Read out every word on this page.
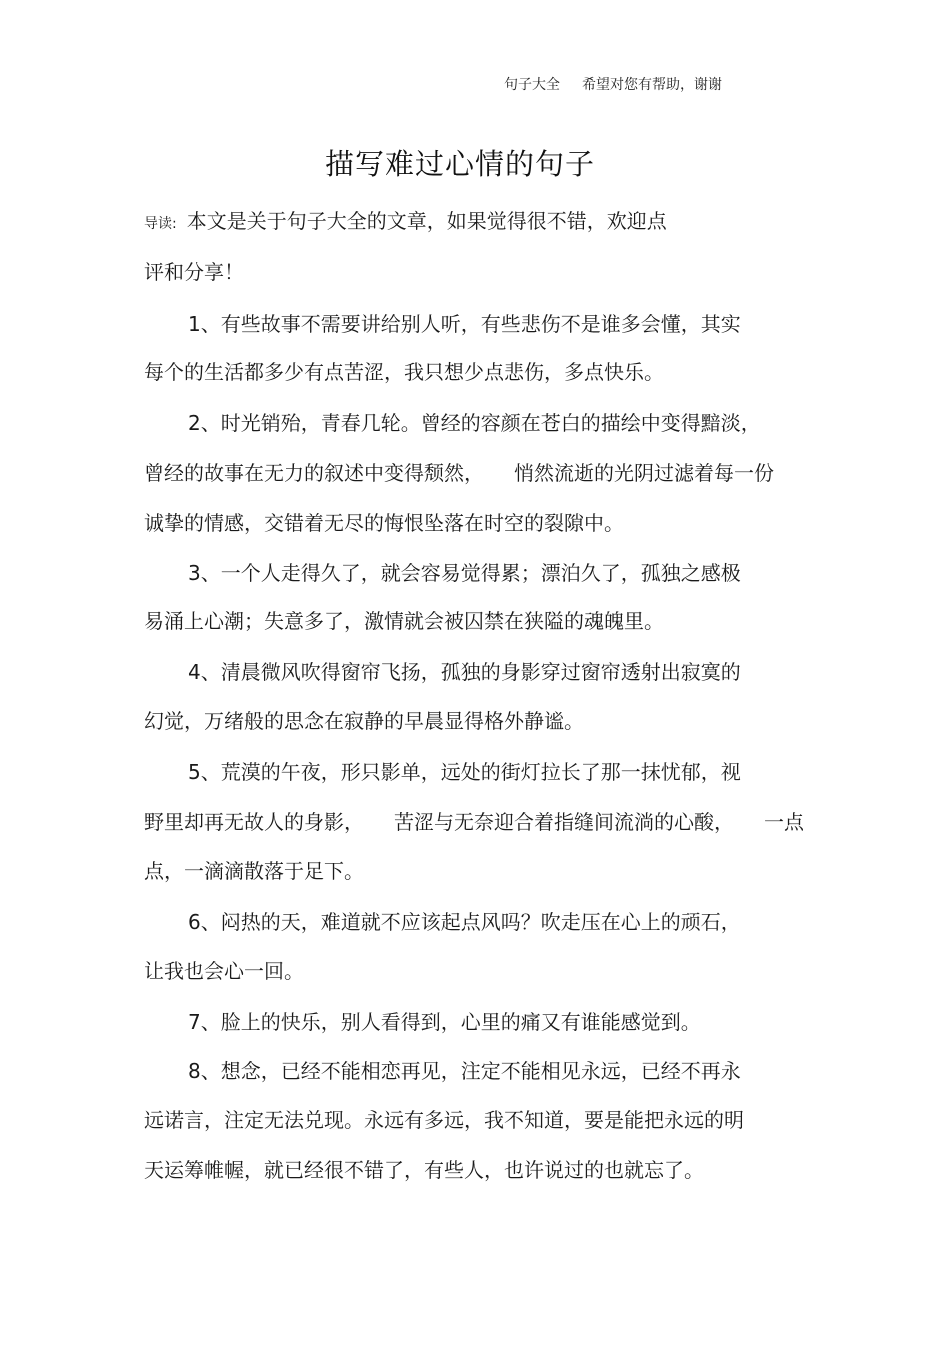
句子大全 希望对您有帮助，谢谢
描写难过心情的句子
导读: 本文是关于句子大全的文章，如果觉得很不错，欢迎点
评和分享！
1、有些故事不需要讲给别人听，有些悲伤不是谁多会懂，其实
每个的生活都多少有点苦涩，我只想少点悲伤，多点快乐。
2、时光销殆，青春几轮。曾经的容颜在苍白的描绘中变得黯淡，
曾经的故事在无力的叙述中变得颓然， 悄然流逝的光阴过滤着每一份
诚挚的情感，交错着无尽的悔恨坠落在时空的裂隙中。
3、一个人走得久了，就会容易觉得累；漂泊久了，孤独之感极
易涌上心潮；失意多了，激情就会被囚禁在狭隘的魂魄里。
4、清晨微风吹得窗帘飞扬，孤独的身影穿过窗帘透射出寂寞的
幻觉，万绪般的思念在寂静的早晨显得格外静谧。
5、荒漠的午夜，形只影单，远处的街灯拉长了那一抹忧郁，视
野里却再无故人的身影， 苦涩与无奈迎合着指缝间流淌的心酸， 一点
点，一滴滴散落于足下。
6、闷热的天，难道就不应该起点风吗？吹走压在心上的顽石，
让我也会心一回。
7、脸上的快乐，别人看得到，心里的痛又有谁能感觉到。
8、想念，已经不能相恋再见，注定不能相见永远，已经不再永
远诺言，注定无法兑现。永远有多远，我不知道，要是能把永远的明
天运筹帷幄，就已经很不错了，有些人，也许说过的也就忘了。
